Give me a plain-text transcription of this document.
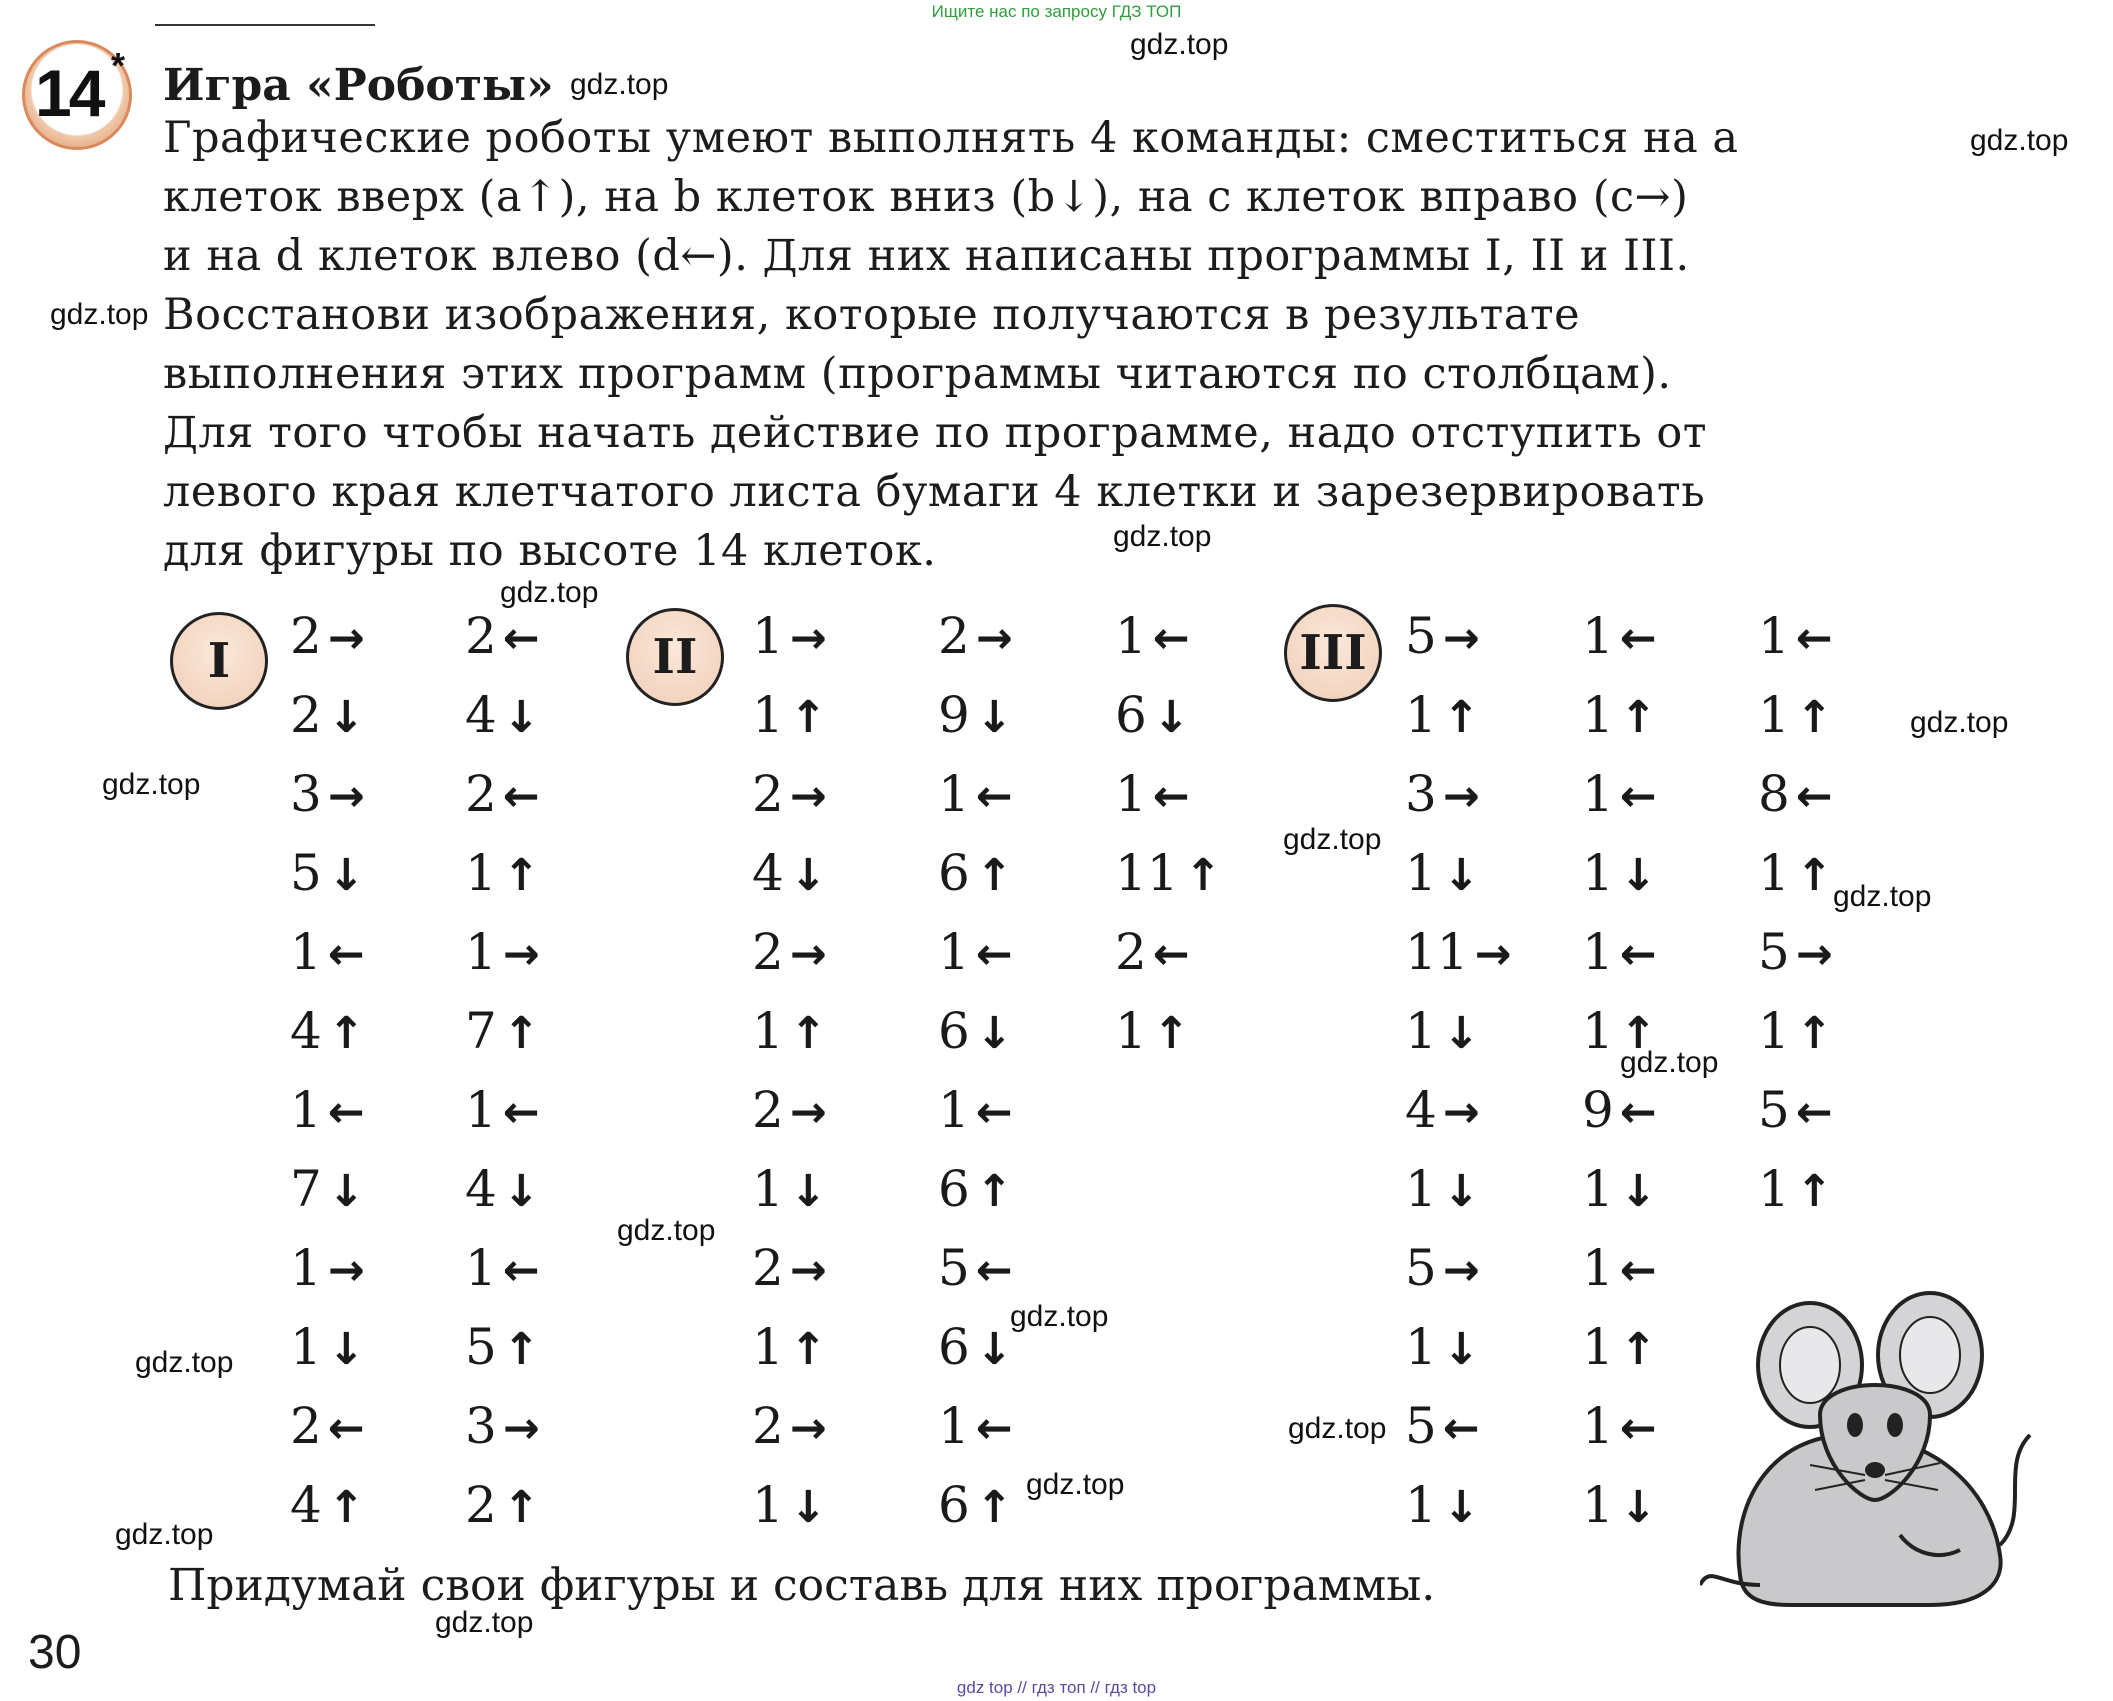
Ищите нас по запросу ГДЗ ТОП
14 * Игра «Роботы»
Графические роботы умеют выполнять 4 команды: сместиться на a
клеток вверх (a↑), на b клеток вниз (b↓), на c клеток вправо (c→)
и на d клеток влево (d←). Для них написаны программы I, II и III.
Восстанови изображения, которые получаются в результате
выполнения этих программ (программы читаются по столбцам).
Для того чтобы начать действие по программе, надо отступить от
левого края клетчатого листа бумаги 4 клетки и зарезервировать
для фигуры по высоте 14 клеток.
I	II	III
2 →
2 ↓
3 →
5 ↓
1 ←
4 ↑
1 ←
7 ↓
1 →
1 ↓
2 ←
4 ↑
2 ←
4 ↓
2 ←
1 ↑
1 →
7 ↑
1 ←
4 ↓
1 ←
5 ↑
3 →
2 ↑
1 →
1 ↑
2 →
4 ↓
2 →
1 ↑
2 →
1 ↓
2 →
1 ↑
2 →
1 ↓
2 →
9 ↓
1 ←
6 ↑
1 ←
6 ↓
1 ←
6 ↑
5 ←
6 ↓
1 ←
6 ↑
1 ←
6 ↓
1 ←
11 ↑
2 ←
1 ↑
5 →
1 ↑
3 →
1 ↓
11 →
1 ↓
4 →
1 ↓
5 →
1 ↓
5 ←
1 ↓
1 ←
1 ↑
1 ←
1 ↓
1 ←
1 ↑
9 ←
1 ↓
1 ←
1 ↑
1 ←
1 ↓
1 ←
1 ↑
8 ←
1 ↑
5 →
1 ↑
5 ←
1 ↑
Придумай свои фигуры и составь для них программы.
30
gdz top // гдз топ // гдз top
gdz.top
gdz.top
gdz.top
gdz.top
gdz.top
gdz.top
gdz.top
gdz.top
gdz.top
gdz.top
gdz.top
gdz.top
gdz.top
gdz.top
gdz.top
gdz.top
gdz.top
gdz.top
